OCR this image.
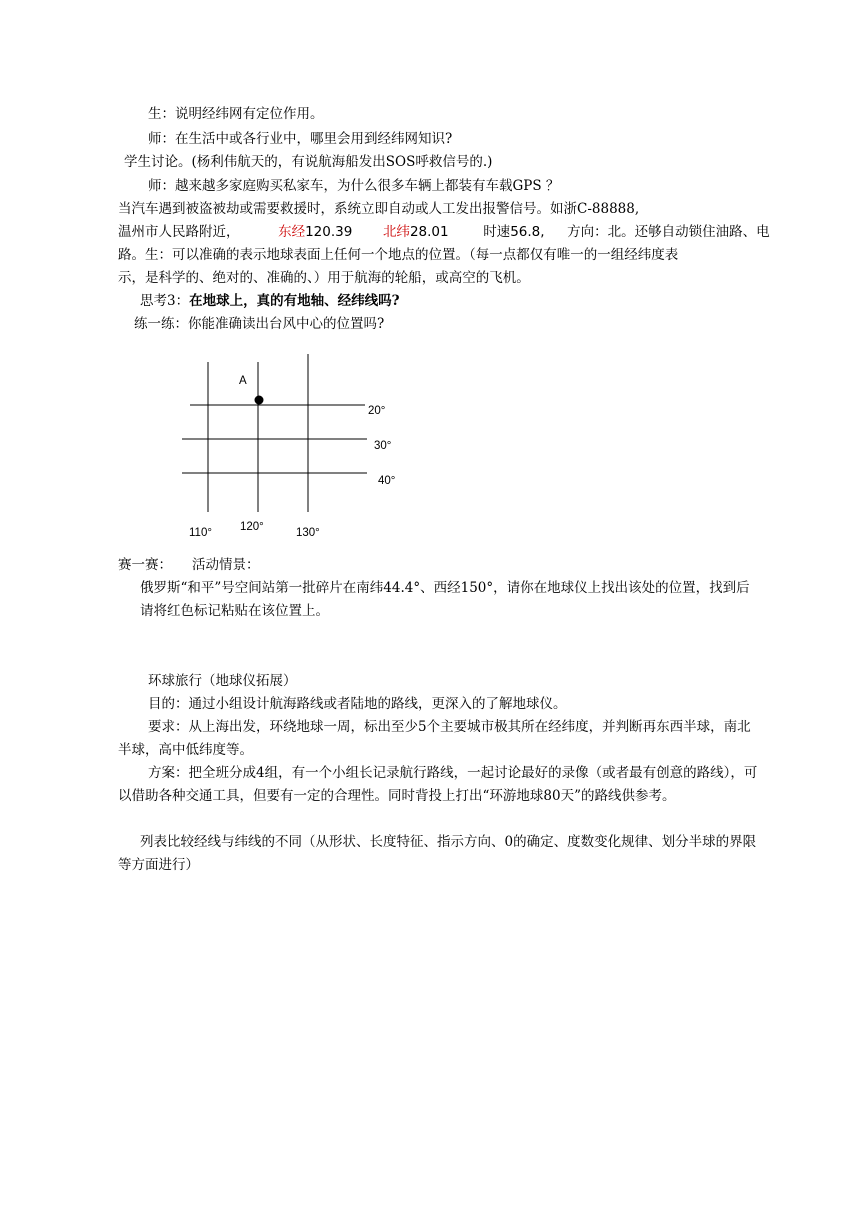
生：说明经纬网有定位作用。
师：在生活中或各行业中，哪里会用到经纬网知识?
学生讨论。(杨利伟航天的，有说航海船发出SOS呼救信号的.)
师：越来越多家庭购买私家车，为什么很多车辆上都装有车载GPS ？
当汽车遇到被盗被劫或需要救援时，系统立即自动或人工发出报警信号。如浙C-88888,
温州市人民路附近，	东经120.39 北纬28.01	时速56.8, 方向：北。还够自动锁住油路、电
路。生：可以准确的表示地球表面上任何一个地点的位置。（每一点都仅有唯一的一组经纬度表
示，是科学的、绝对的、准确的、）用于航海的轮船，或高空的飞机。
思考3：在地球上，真的有地轴、经纬线吗?
练一练：你能准确读出台风中心的位置吗?
A
20°
30°
40°
110° 120°	130°
赛一赛： 活动情景：
俄罗斯“和平”号空间站第一批碎片在南纬44.4°、西经150°，请你在地球仪上找出该处的位置，找到后请将红色标记粘贴在该位置上。
环球旅行（地球仪拓展）
目的：通过小组设计航海路线或者陆地的路线，更深入的了解地球仪。
要求：从上海出发，环绕地球一周，标出至少5个主要城市极其所在经纬度，并判断再东西半球，南北半球，高中低纬度等。
方案：把全班分成4组，有一个小组长记录航行路线，一起讨论最好的录像（或者最有创意的路线），可以借助各种交通工具，但要有一定的合理性。同时背投上打出“环游地球80天”的路线供参考。
列表比较经线与纬线的不同（从形状、长度特征、指示方向、0的确定、度数变化规律、划分半球的界限等方面进行）
